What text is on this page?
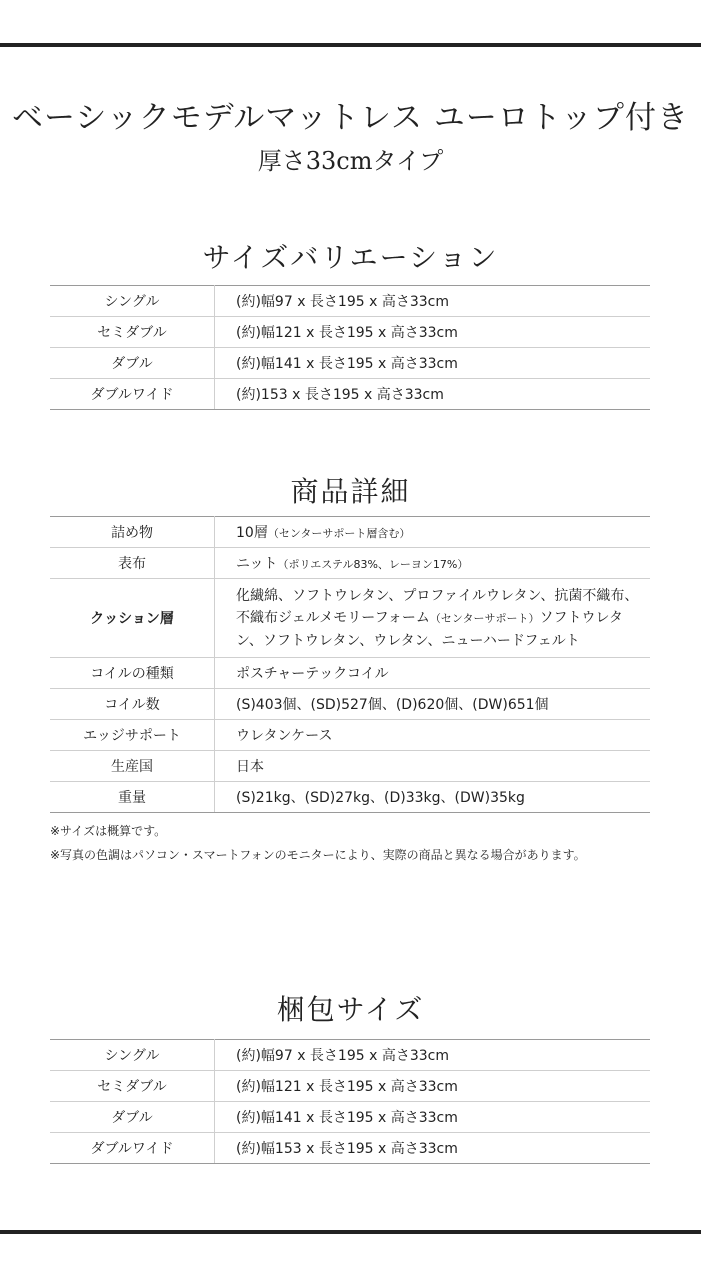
ベーシックモデルマットレス ユーロトップ付き
厚さ33cmタイプ
サイズバリエーション
シングル	(約)幅97 x 長さ195 x 高さ33cm
セミダブル	(約)幅121 x 長さ195 x 高さ33cm
ダブル	(約)幅141 x 長さ195 x 高さ33cm
ダブルワイド	(約)153 x 長さ195 x 高さ33cm
商品詳細
詰め物	10層（センターサポート層含む）
表布	ニット（ポリエステル83%、レーヨン17%）
クッション層	化繊綿、ソフトウレタン、プロファイルウレタン、抗菌不織布、不織布ジェルメモリーフォーム（センターサポート）ソフトウレタン、ソフトウレタン、ウレタン、ニューハードフェルト
コイルの種類	ポスチャーテックコイル
コイル数	(S)403個、(SD)527個、(D)620個、(DW)651個
エッジサポート	ウレタンケース
生産国	日本
重量	(S)21kg、(SD)27kg、(D)33kg、(DW)35kg
※サイズは概算です。
※写真の色調はパソコン・スマートフォンのモニターにより、実際の商品と異なる場合があります。
梱包サイズ
シングル	(約)幅97 x 長さ195 x 高さ33cm
セミダブル	(約)幅121 x 長さ195 x 高さ33cm
ダブル	(約)幅141 x 長さ195 x 高さ33cm
ダブルワイド	(約)幅153 x 長さ195 x 高さ33cm
